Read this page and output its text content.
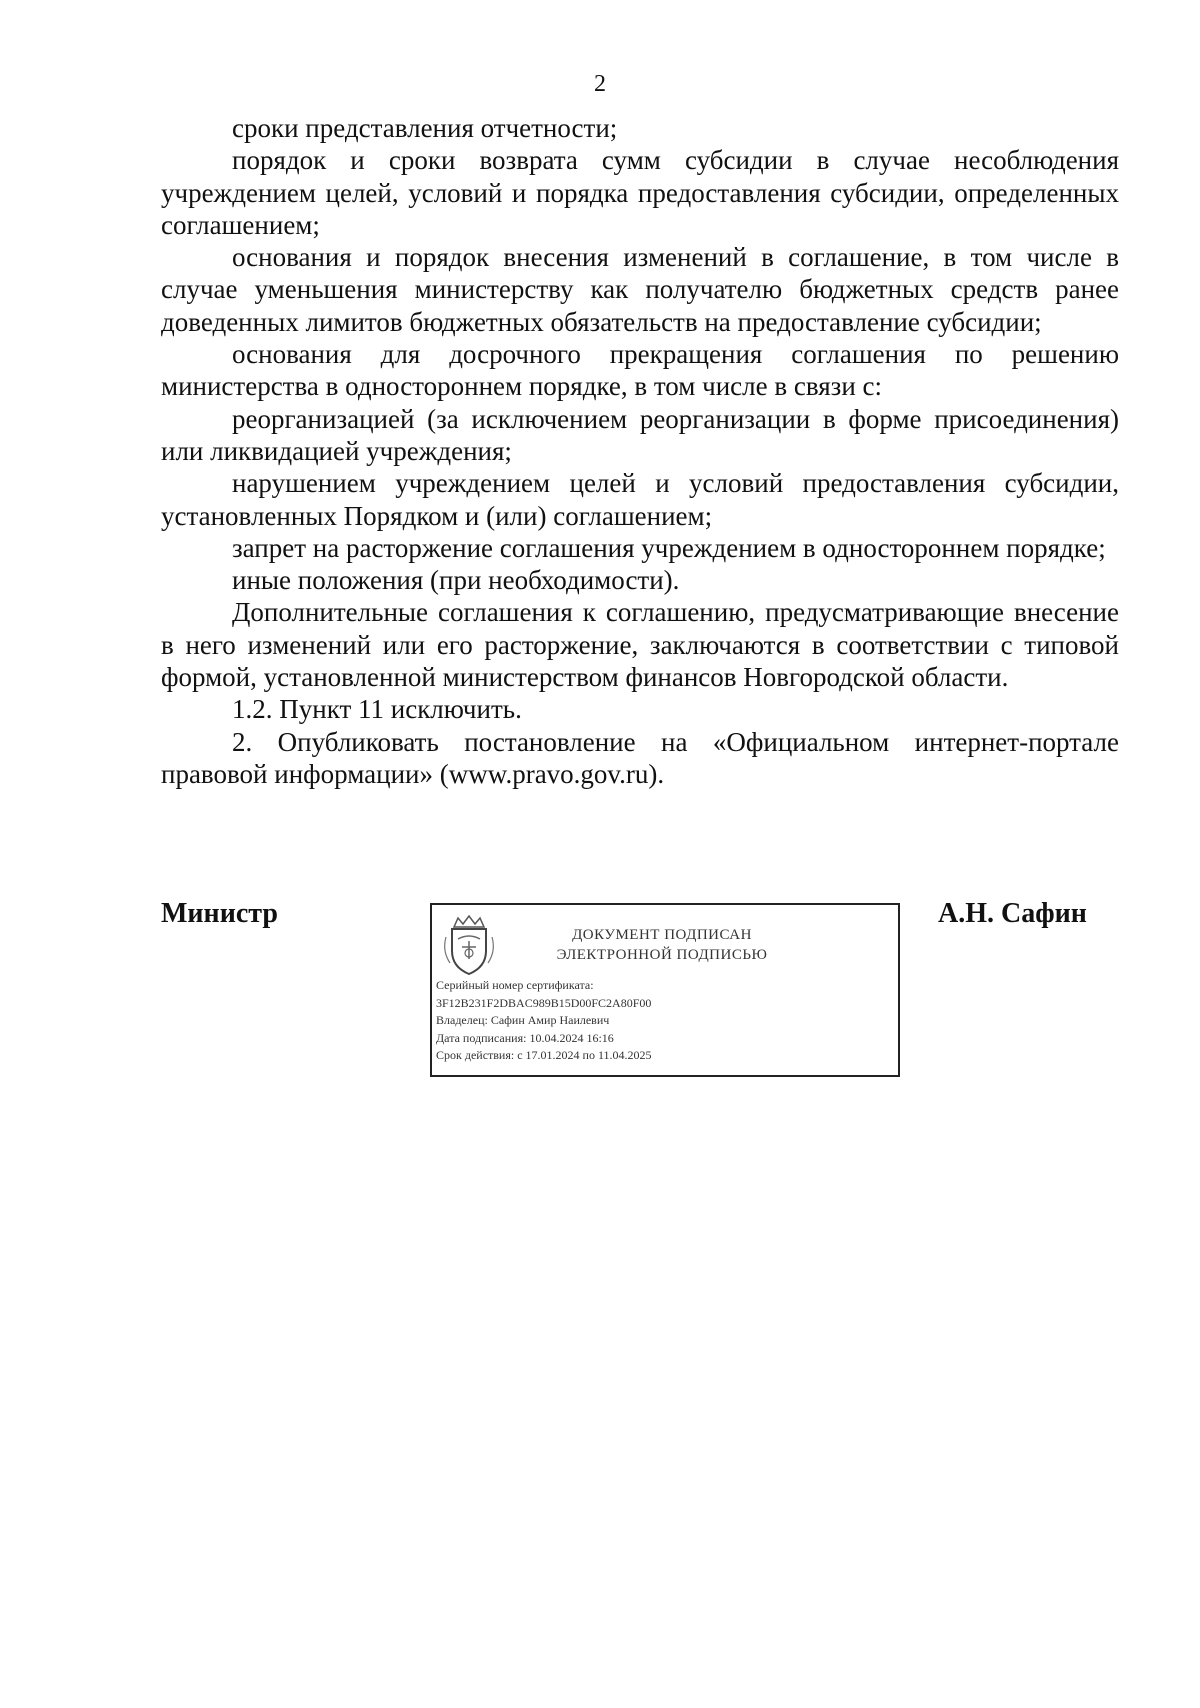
2

сроки представления отчетности;

порядок и сроки возврата сумм субсидии в случае несоблюдения учреждением целей, условий и порядка предоставления субсидии, определенных соглашением;

основания и порядок внесения изменений в соглашение, в том числе в случае уменьшения министерству как получателю бюджетных средств ранее доведенных лимитов бюджетных обязательств на предоставление субсидии;

основания для досрочного прекращения соглашения по решению министерства в одностороннем порядке, в том числе в связи с:

реорганизацией (за исключением реорганизации в форме присоединения) или ликвидацией учреждения;

нарушением учреждением целей и условий предоставления субсидии, установленных Порядком и (или) соглашением;

запрет на расторжение соглашения учреждением в одностороннем порядке;

иные положения (при необходимости).

Дополнительные соглашения к соглашению, предусматривающие внесение в него изменений или его расторжение, заключаются в соответствии с типовой формой, установленной министерством финансов Новгородской области.

1.2. Пункт 11 исключить.

2. Опубликовать постановление на «Официальном интернет-портале правовой информации» (www.pravo.gov.ru).

Министр	А.Н. Сафин
ДОКУМЕНТ ПОДПИСАН
ЭЛЕКТРОННОЙ ПОДПИСЬЮ
Серийный номер сертификата:
3F12B231F2DBAC989B15D00FC2A80F00
Владелец: Сафин Амир Наилевич
Дата подписания: 10.04.2024 16:16
Срок действия: с 17.01.2024 по 11.04.2025
